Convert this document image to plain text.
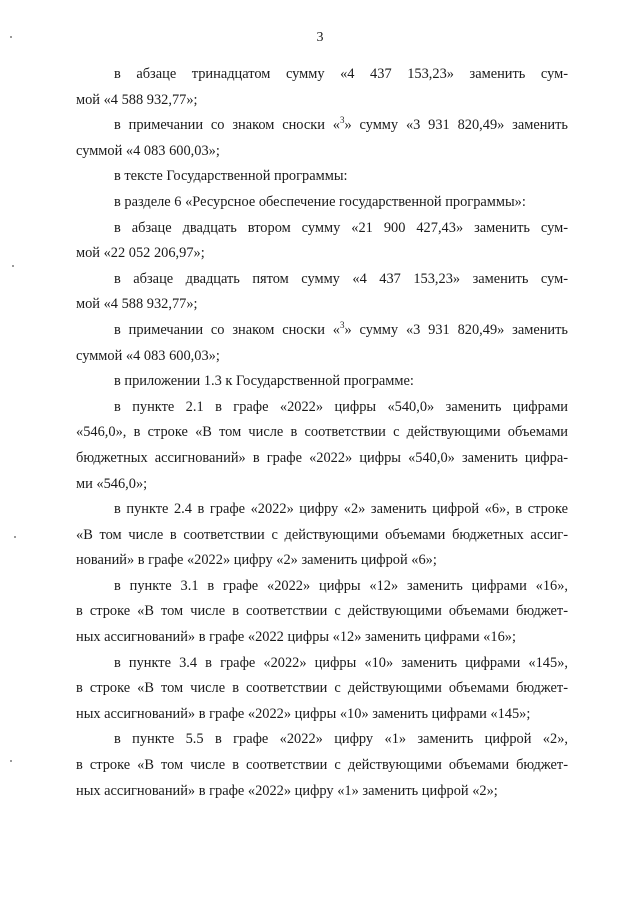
3

в абзаце тринадцатом сумму «4 437 153,23» заменить сум-
мой «4 588 932,77»;

в примечании со знаком сноски «$^3$» сумму «3 931 820,49» заменить
суммой «4 083 600,03»;

в тексте Государственной программы:

в разделе 6 «Ресурсное обеспечение государственной программы»:

в абзаце двадцать втором сумму «21 900 427,43» заменить сум-
мой «22 052 206,97»;

в абзаце двадцать пятом сумму «4 437 153,23» заменить сум-
мой «4 588 932,77»;

в примечании со знаком сноски «$^3$» сумму «3 931 820,49» заменить
суммой «4 083 600,03»;

в приложении 1.3 к Государственной программе:

в пункте 2.1 в графе «2022» цифры «540,0» заменить цифрами
«546,0», в строке «В том числе в соответствии с действующими объемами
бюджетных ассигнований» в графе «2022» цифры «540,0» заменить цифра-
ми «546,0»;

в пункте 2.4 в графе «2022» цифру «2» заменить цифрой «6», в строке
«В том числе в соответствии с действующими объемами бюджетных ассиг-
нований» в графе «2022» цифру «2» заменить цифрой «6»;

в пункте 3.1 в графе «2022» цифры «12» заменить цифрами «16»,
в строке «В том числе в соответствии с действующими объемами бюджет-
ных ассигнований» в графе «2022 цифры «12» заменить цифрами «16»;

в пункте 3.4 в графе «2022» цифры «10» заменить цифрами «145»,
в строке «В том числе в соответствии с действующими объемами бюджет-
ных ассигнований» в графе «2022» цифры «10» заменить цифрами «145»;

в пункте 5.5 в графе «2022» цифру «1» заменить цифрой «2»,
в строке «В том числе в соответствии с действующими объемами бюджет-
ных ассигнований» в графе «2022» цифру «1» заменить цифрой «2»;
